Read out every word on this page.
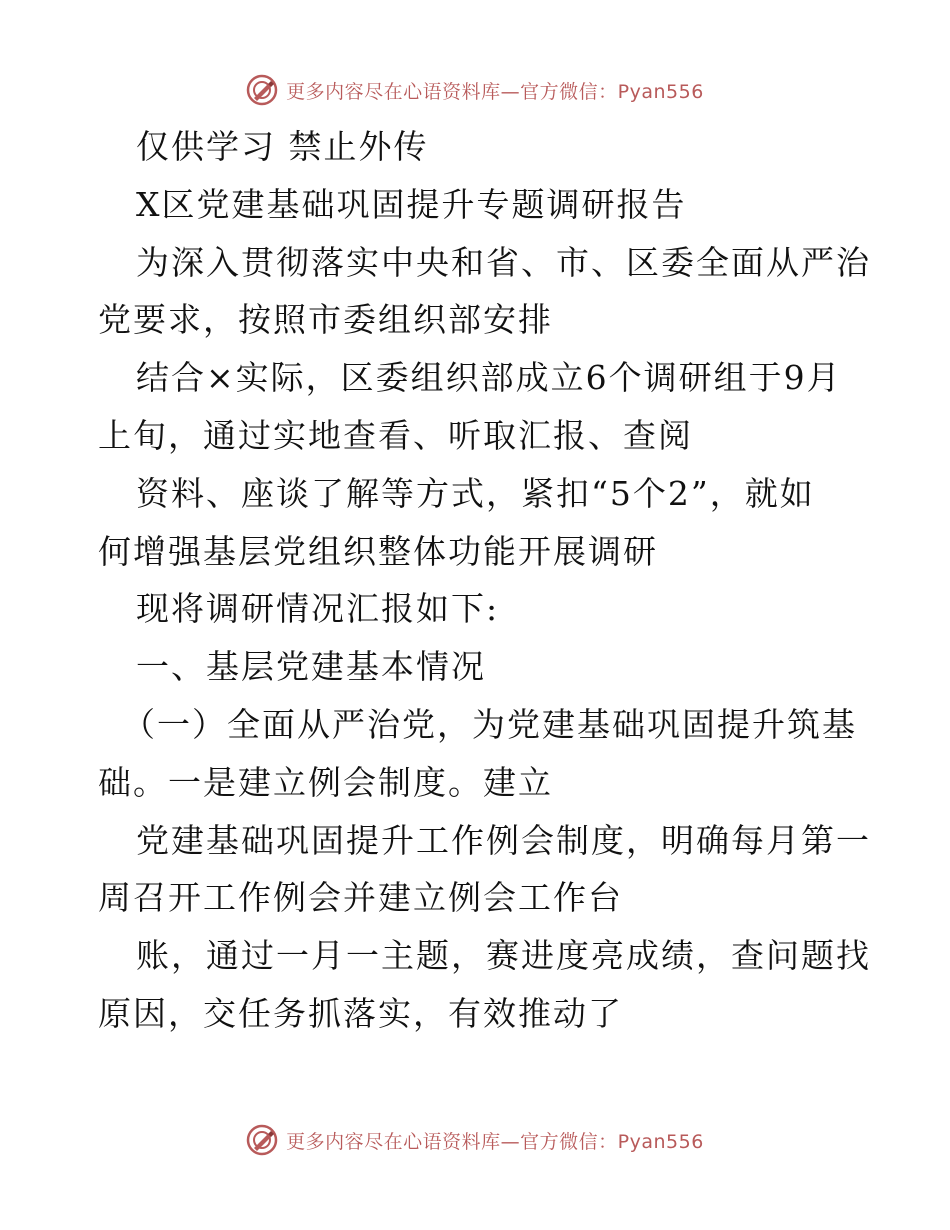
更多内容尽在心语资料库—官方微信：Pyan556
仅供学习 禁止外传
X区党建基础巩固提升专题调研报告
为深入贯彻落实中央和省、市、区委全面从严治
党要求，按照市委组织部安排
结合×实际，区委组织部成立6个调研组于9月
上旬，通过实地查看、听取汇报、查阅
资料、座谈了解等方式，紧扣“5个2”，就如
何增强基层党组织整体功能开展调研
现将调研情况汇报如下:
一、基层党建基本情况
（一）全面从严治党，为党建基础巩固提升筑基
础。一是建立例会制度。建立
党建基础巩固提升工作例会制度，明确每月第一
周召开工作例会并建立例会工作台
账，通过一月一主题，赛进度亮成绩，查问题找
原因，交任务抓落实，有效推动了
更多内容尽在心语资料库—官方微信：Pyan556
